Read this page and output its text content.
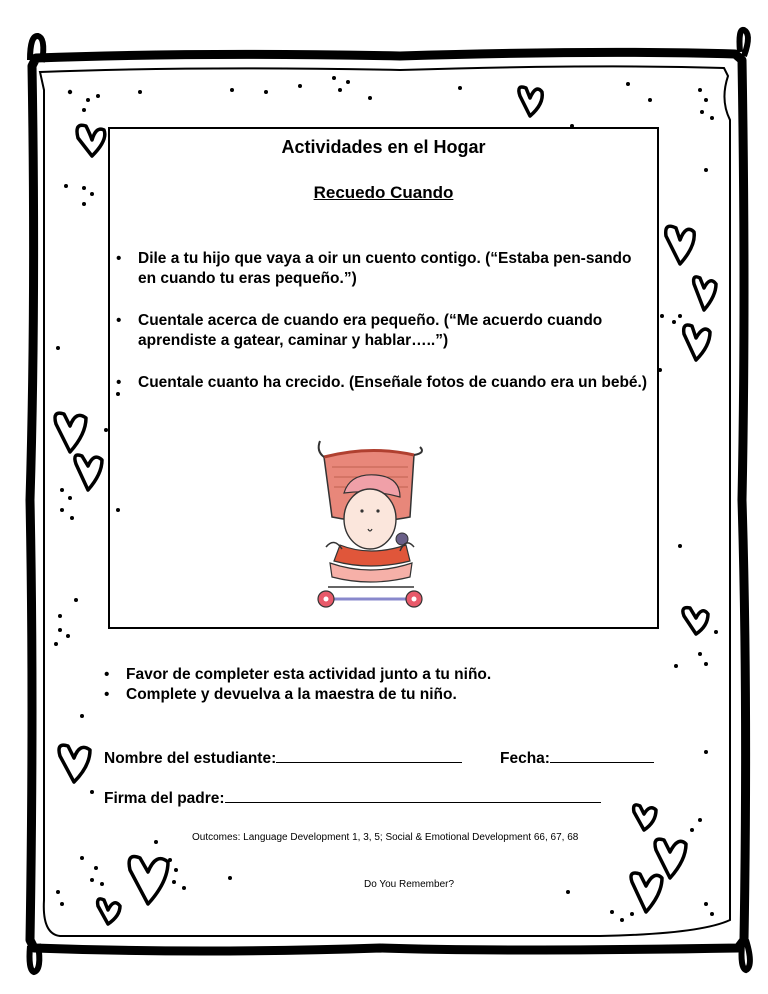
Actividades en el Hogar
Recuedo Cuando
• Dile a tu hijo que vaya a oir un cuento contigo. (“Estaba pen-sando en cuando tu eras pequeño.”)
• Cuentale acerca de cuando era pequeño. (“Me acuerdo cuando aprendiste a gatear, caminar y hablar…..”)
• Cuentale cuanto ha crecido. (Enseñale fotos de cuando era un bebé.)
• Favor de completer esta actividad junto a tu niño.
• Complete y devuelva a la maestra de tu niño.
Nombre del estudiante:	Fecha:
Firma del padre:
Outcomes: Language Development 1, 3, 5; Social & Emotional Development 66, 67, 68
Do You Remember?
